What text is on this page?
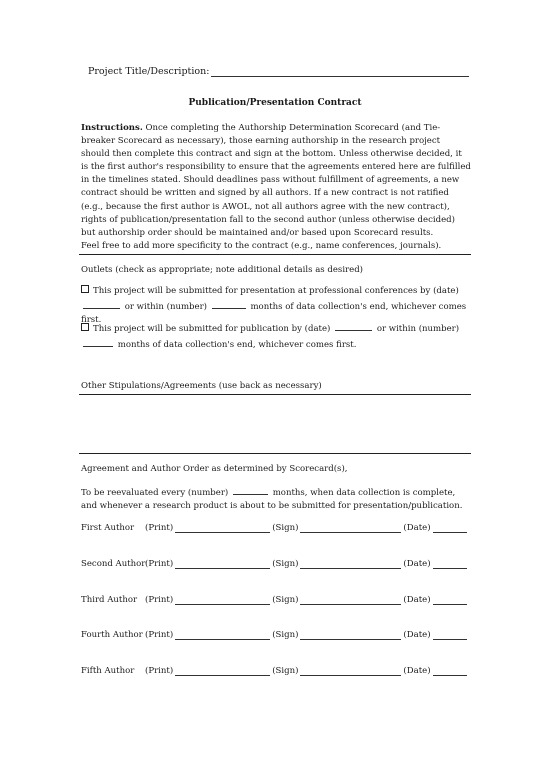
Project Title/Description:
Publication/Presentation Contract
Instructions. Once completing the Authorship Determination Scorecard (and Tie-breaker Scorecard as necessary), those earning authorship in the research project should then complete this contract and sign at the bottom. Unless otherwise decided, it is the first author's responsibility to ensure that the agreements entered here are fulfilled in the timelines stated. Should deadlines pass without fulfillment of agreements, a new contract should be written and signed by all authors. If a new contract is not ratified (e.g., because the first author is AWOL, not all authors agree with the new contract), rights of publication/presentation fall to the second author (unless otherwise decided) but authorship order should be maintained and/or based upon Scorecard results.
Feel free to add more specificity to the contract (e.g., name conferences, journals).
Outlets (check as appropriate; note additional details as desired)
This project will be submitted for presentation at professional conferences by (date)
or within (number)	months of data collection's end, whichever comes first.
This project will be submitted for publication by (date)	or within (number)
months of data collection's end, whichever comes first.
Other Stipulations/Agreements (use back as necessary)
Agreement and Author Order as determined by Scorecard(s),
To be reevaluated every (number)	months, when data collection is complete, and whenever a research product is about to be submitted for presentation/publication.
First Author	(Print)	(Sign)	(Date)
Second Author (Print)	(Sign)	(Date)
Third Author (Print)	(Sign)	(Date)
Fourth Author (Print)	(Sign)	(Date)
Fifth Author	(Print)	(Sign)	(Date)
